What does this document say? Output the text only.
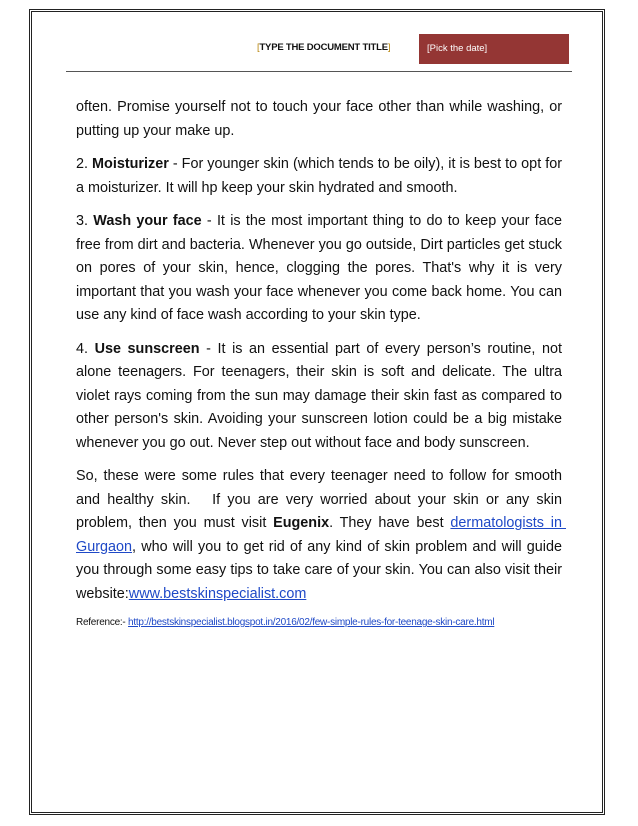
[TYPE THE DOCUMENT TITLE]	[Pick the date]

often. Promise yourself not to touch your face other than while washing, or putting up your make up.

2. Moisturizer - For younger skin (which tends to be oily), it is best to opt for a moisturizer. It will hp keep your skin hydrated and smooth.

3. Wash your face - It is the most important thing to do to keep your face free from dirt and bacteria. Whenever you go outside, Dirt particles get stuck on pores of your skin, hence, clogging the pores. That's why it is very important that you wash your face whenever you come back home. You can use any kind of face wash according to your skin type.

4. Use sunscreen - It is an essential part of every person’s routine, not alone teenagers. For teenagers, their skin is soft and delicate. The ultra violet rays coming from the sun may damage their skin fast as compared to other person's skin. Avoiding your sunscreen lotion could be a big mistake whenever you go out. Never step out without face and body sunscreen.

So, these were some rules that every teenager need to follow for smooth and healthy skin.   If you are very worried about your skin or any skin problem, then you must visit Eugenix. They have best dermatologists in Gurgaon, who will you to get rid of any kind of skin problem and will guide you through some easy tips to take care of your skin. You can also visit their website:www.bestskinspecialist.com

Reference:- http://bestskinspecialist.blogspot.in/2016/02/few-simple-rules-for-teenage-skin-care.html
